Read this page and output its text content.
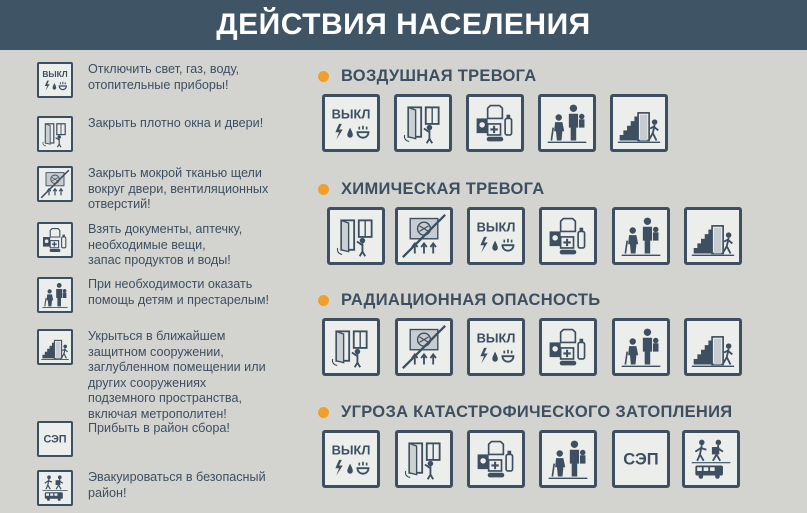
ДЕЙСТВИЯ НАСЕЛЕНИЯ
ВЫКЛ Отключить свет, газ, воду,
отопительные приборы!
Закрыть плотно окна и двери!
Закрыть мокрой тканью щели
вокруг двери, вентиляционных
отверстий!
Взять документы, аптечку,
необходимые вещи,
запас продуктов и воды!
При необходимости оказать
помощь детям и престарелым!
Укрыться в ближайшем
защитном сооружении,
заглубленном помещении или
других сооружениях
подземного пространства,
включая метрополитен!
СЭП
Прибыть в район сбора!
Эвакуироваться в безопасный
район!
ВОЗДУШНАЯ ТРЕВОГА
ВЫКЛ
ХИМИЧЕСКАЯ ТРЕВОГА
ВЫКЛ
РАДИАЦИОННАЯ ОПАСНОСТЬ
ВЫКЛ
УГРОЗА КАТАСТРОФИЧЕСКОГО ЗАТОПЛЕНИЯ
ВЫКЛ	СЭП
